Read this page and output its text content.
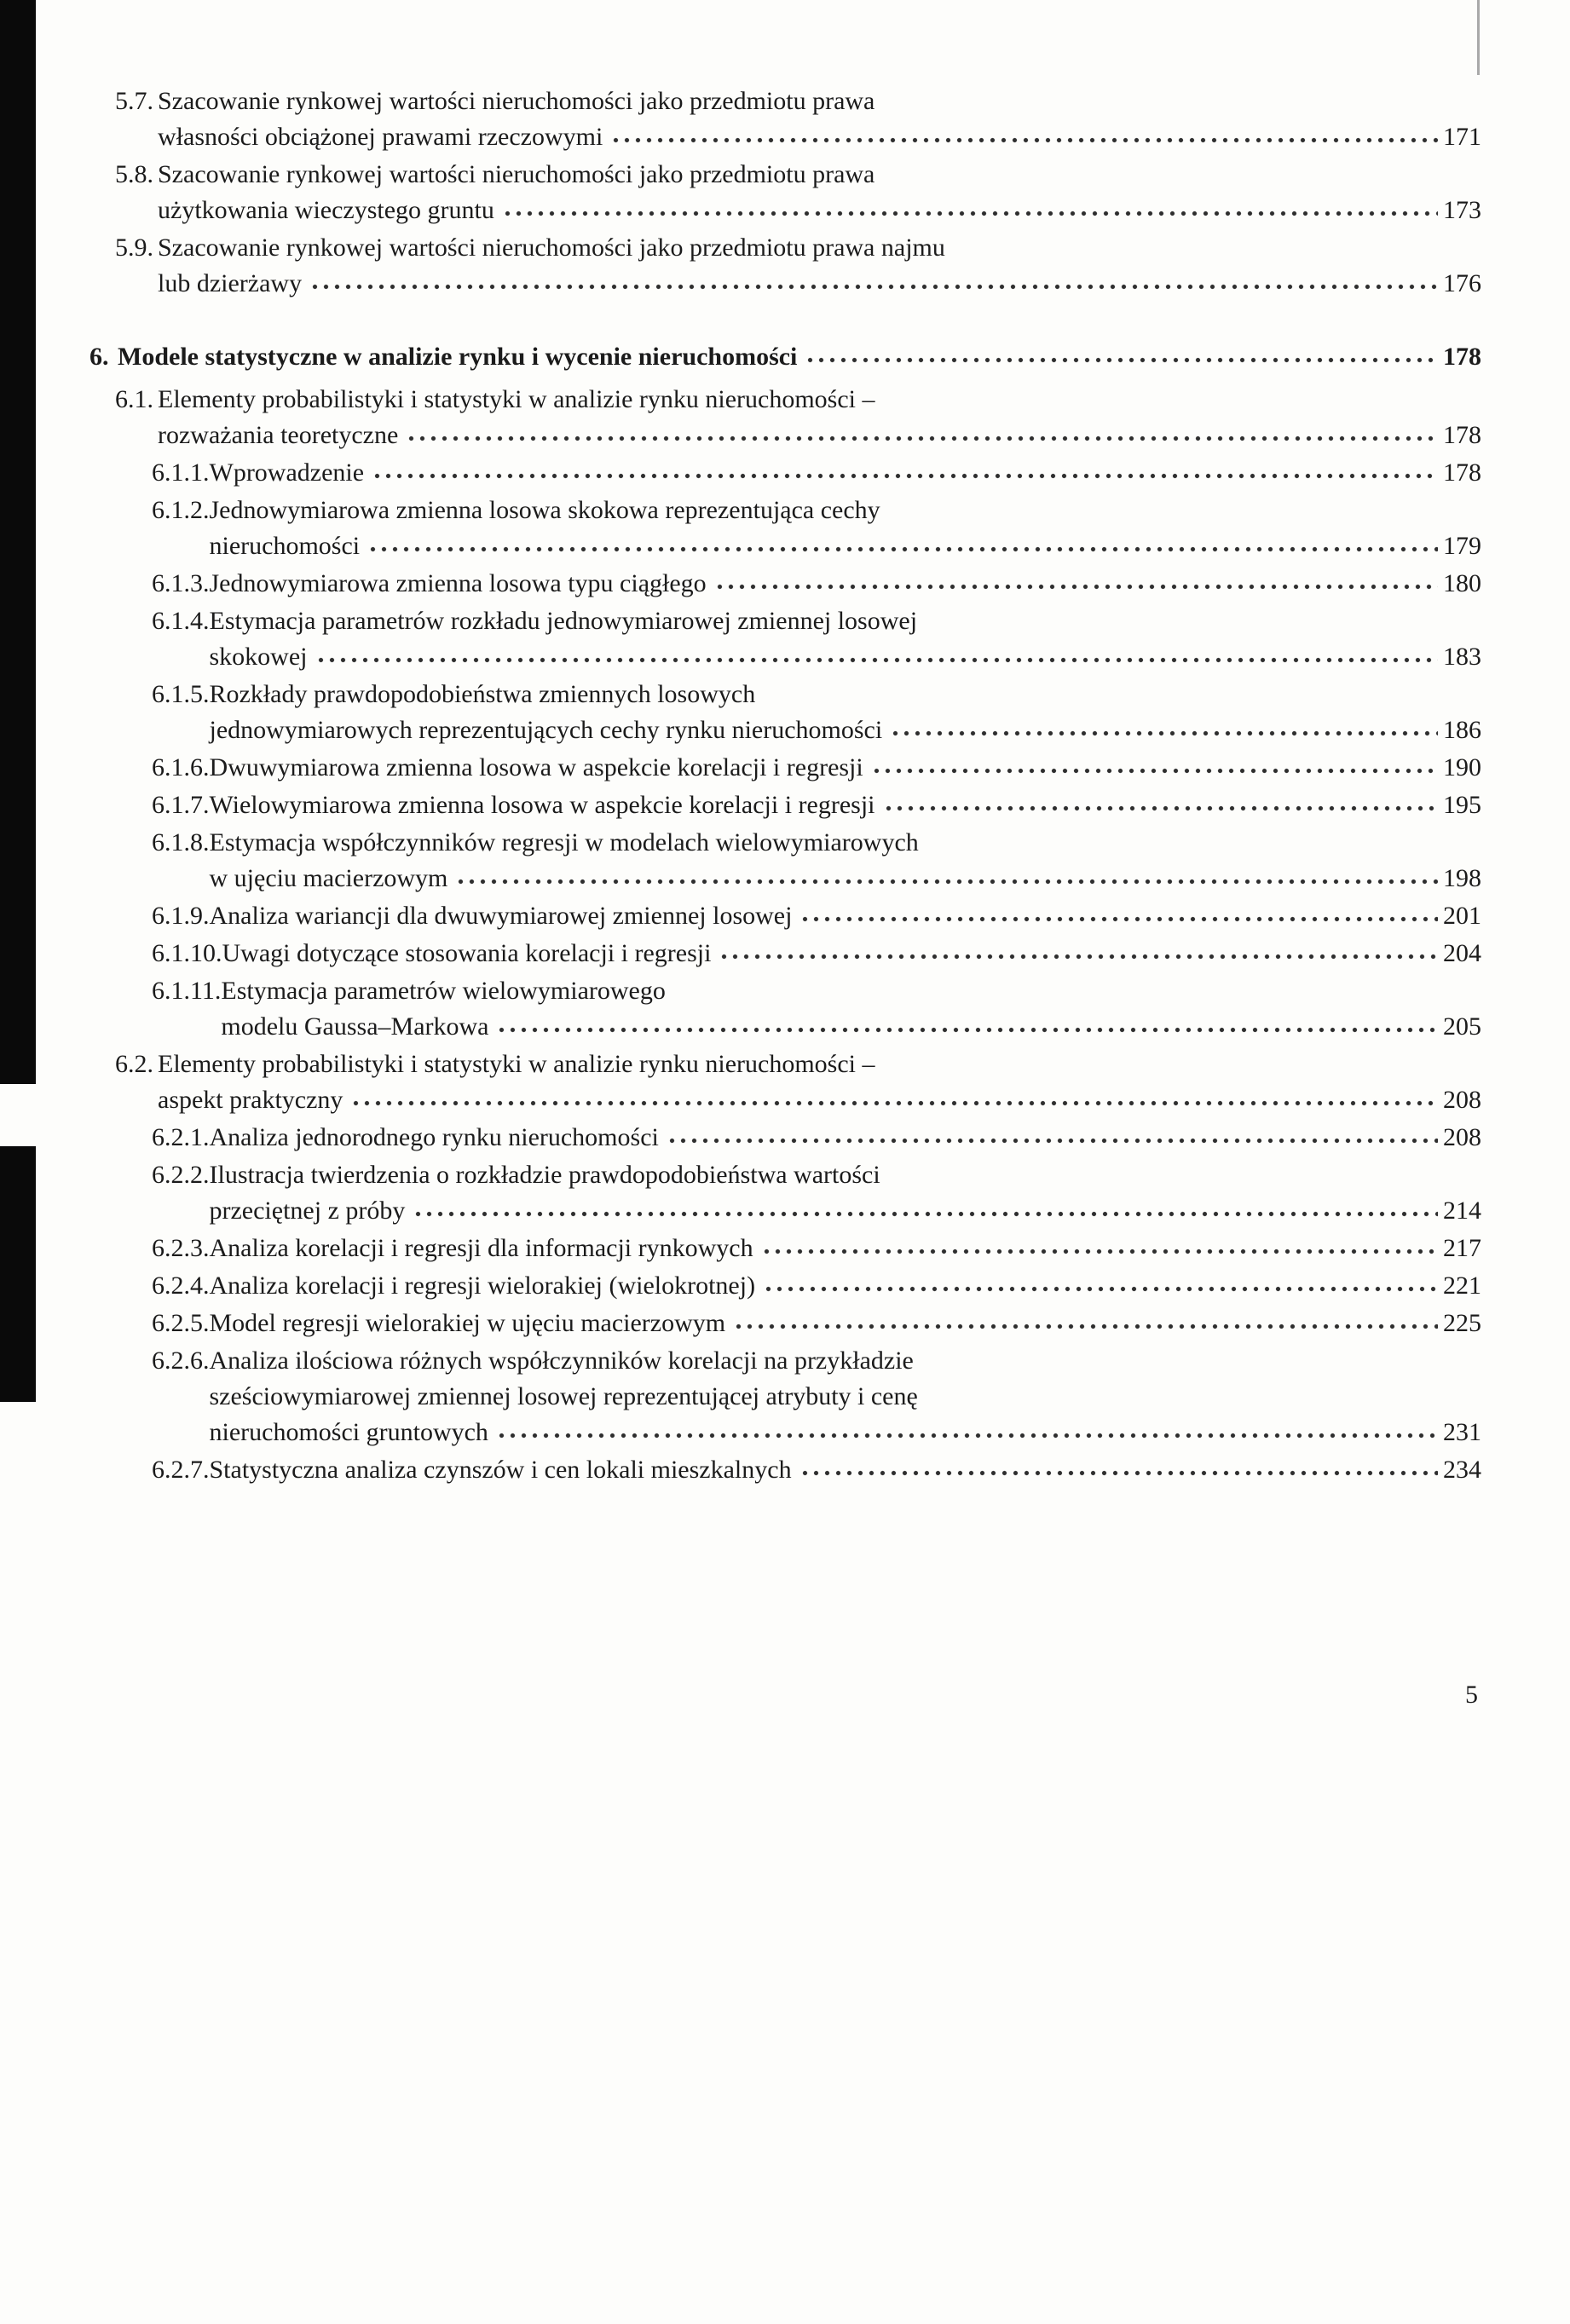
5.7. Szacowanie rynkowej wartości nieruchomości jako przedmiotu prawa
własności obciążonej prawami rzeczowymi	171
5.8. Szacowanie rynkowej wartości nieruchomości jako przedmiotu prawa
użytkowania wieczystego gruntu	173
5.9. Szacowanie rynkowej wartości nieruchomości jako przedmiotu prawa najmu
lub dzierżawy	176
6. Modele statystyczne w analizie rynku i wycenie nieruchomości	178
6.1. Elementy probabilistyki i statystyki w analizie rynku nieruchomości –
rozważania teoretyczne	178
6.1.1. Wprowadzenie	178
6.1.2. Jednowymiarowa zmienna losowa skokowa reprezentująca cechy
nieruchomości	179
6.1.3. Jednowymiarowa zmienna losowa typu ciągłego	180
6.1.4. Estymacja parametrów rozkładu jednowymiarowej zmiennej losowej
skokowej	183
6.1.5. Rozkłady prawdopodobieństwa zmiennych losowych
jednowymiarowych reprezentujących cechy rynku nieruchomości	186
6.1.6. Dwuwymiarowa zmienna losowa w aspekcie korelacji i regresji	190
6.1.7. Wielowymiarowa zmienna losowa w aspekcie korelacji i regresji	195
6.1.8. Estymacja współczynników regresji w modelach wielowymiarowych
w ujęciu macierzowym	198
6.1.9. Analiza wariancji dla dwuwymiarowej zmiennej losowej	201
6.1.10. Uwagi dotyczące stosowania korelacji i regresji	204
6.1.11. Estymacja parametrów wielowymiarowego
modelu Gaussa–Markowa	205
6.2. Elementy probabilistyki i statystyki w analizie rynku nieruchomości –
aspekt praktyczny	208
6.2.1. Analiza jednorodnego rynku nieruchomości	208
6.2.2. Ilustracja twierdzenia o rozkładzie prawdopodobieństwa wartości
przeciętnej z próby	214
6.2.3. Analiza korelacji i regresji dla informacji rynkowych	217
6.2.4. Analiza korelacji i regresji wielorakiej (wielokrotnej)	221
6.2.5. Model regresji wielorakiej w ujęciu macierzowym	225
6.2.6. Analiza ilościowa różnych współczynników korelacji na przykładzie
sześciowymiarowej zmiennej losowej reprezentującej atrybuty i cenę
nieruchomości gruntowych	231
6.2.7. Statystyczna analiza czynszów i cen lokali mieszkalnych	234
5
